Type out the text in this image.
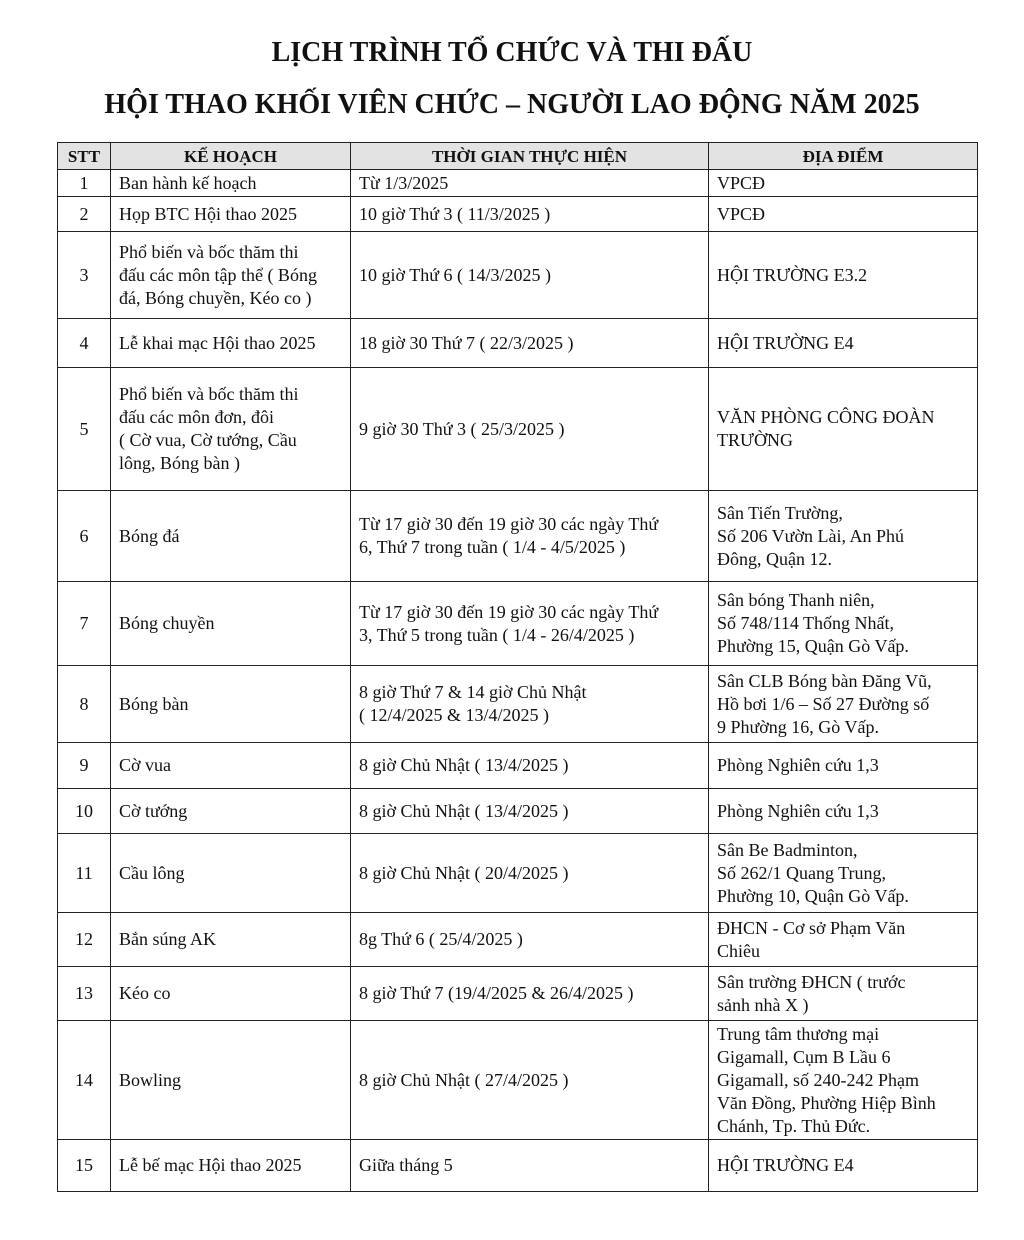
LỊCH TRÌNH TỔ CHỨC VÀ THI ĐẤU
HỘI THAO KHỐI VIÊN CHỨC – NGƯỜI LAO ĐỘNG NĂM 2025
STT	KẾ HOẠCH	THỜI GIAN THỰC HIỆN	ĐỊA ĐIỂM
1	Ban hành kế hoạch	Từ 1/3/2025	VPCĐ
2	Họp BTC Hội thao 2025	10 giờ Thứ 3 ( 11/3/2025 )	VPCĐ
3	Phổ biến và bốc thăm thi
đấu các môn tập thể ( Bóng
đá, Bóng chuyền, Kéo co )	10 giờ Thứ 6 ( 14/3/2025 )	HỘI TRƯỜNG E3.2
4	Lễ khai mạc Hội thao 2025	18 giờ 30 Thứ 7 ( 22/3/2025 )	HỘI TRƯỜNG E4
5	Phổ biến và bốc thăm thi
đấu các môn đơn, đôi
( Cờ vua, Cờ tướng, Cầu
lông, Bóng bàn )	9 giờ 30 Thứ 3 ( 25/3/2025 )	VĂN PHÒNG CÔNG ĐOÀN
TRƯỜNG
6	Bóng đá	Từ 17 giờ 30 đến 19 giờ 30 các ngày Thứ
6, Thứ 7 trong tuần ( 1/4 - 4/5/2025 )	Sân Tiến Trường,
Số 206 Vườn Lài, An Phú
Đông, Quận 12.
7	Bóng chuyền	Từ 17 giờ 30 đến 19 giờ 30 các ngày Thứ
3, Thứ 5 trong tuần ( 1/4 - 26/4/2025 )	Sân bóng Thanh niên,
Số 748/114 Thống Nhất,
Phường 15, Quận Gò Vấp.
8	Bóng bàn	8 giờ Thứ 7 & 14 giờ Chủ Nhật
( 12/4/2025 & 13/4/2025 )	Sân CLB Bóng bàn Đăng Vũ,
Hồ bơi 1/6 – Số 27 Đường số
9 Phường 16, Gò Vấp.
9	Cờ vua	8 giờ Chủ Nhật ( 13/4/2025 )	Phòng Nghiên cứu 1,3
10	Cờ tướng	8 giờ Chủ Nhật ( 13/4/2025 )	Phòng Nghiên cứu 1,3
11	Cầu lông	8 giờ Chủ Nhật ( 20/4/2025 )	Sân Be Badminton,
Số 262/1 Quang Trung,
Phường 10, Quận Gò Vấp.
12	Bắn súng AK	8g Thứ 6 ( 25/4/2025 )	ĐHCN - Cơ sở Phạm Văn
Chiêu
13	Kéo co	8 giờ Thứ 7 (19/4/2025 & 26/4/2025 )	Sân trường ĐHCN ( trước
sảnh nhà X )
14	Bowling	8 giờ Chủ Nhật ( 27/4/2025 )	Trung tâm thương mại
Gigamall, Cụm B Lầu 6
Gigamall, số 240-242 Phạm
Văn Đồng, Phường Hiệp Bình
Chánh, Tp. Thủ Đức.
15	Lễ bế mạc Hội thao 2025	Giữa tháng 5	HỘI TRƯỜNG E4
